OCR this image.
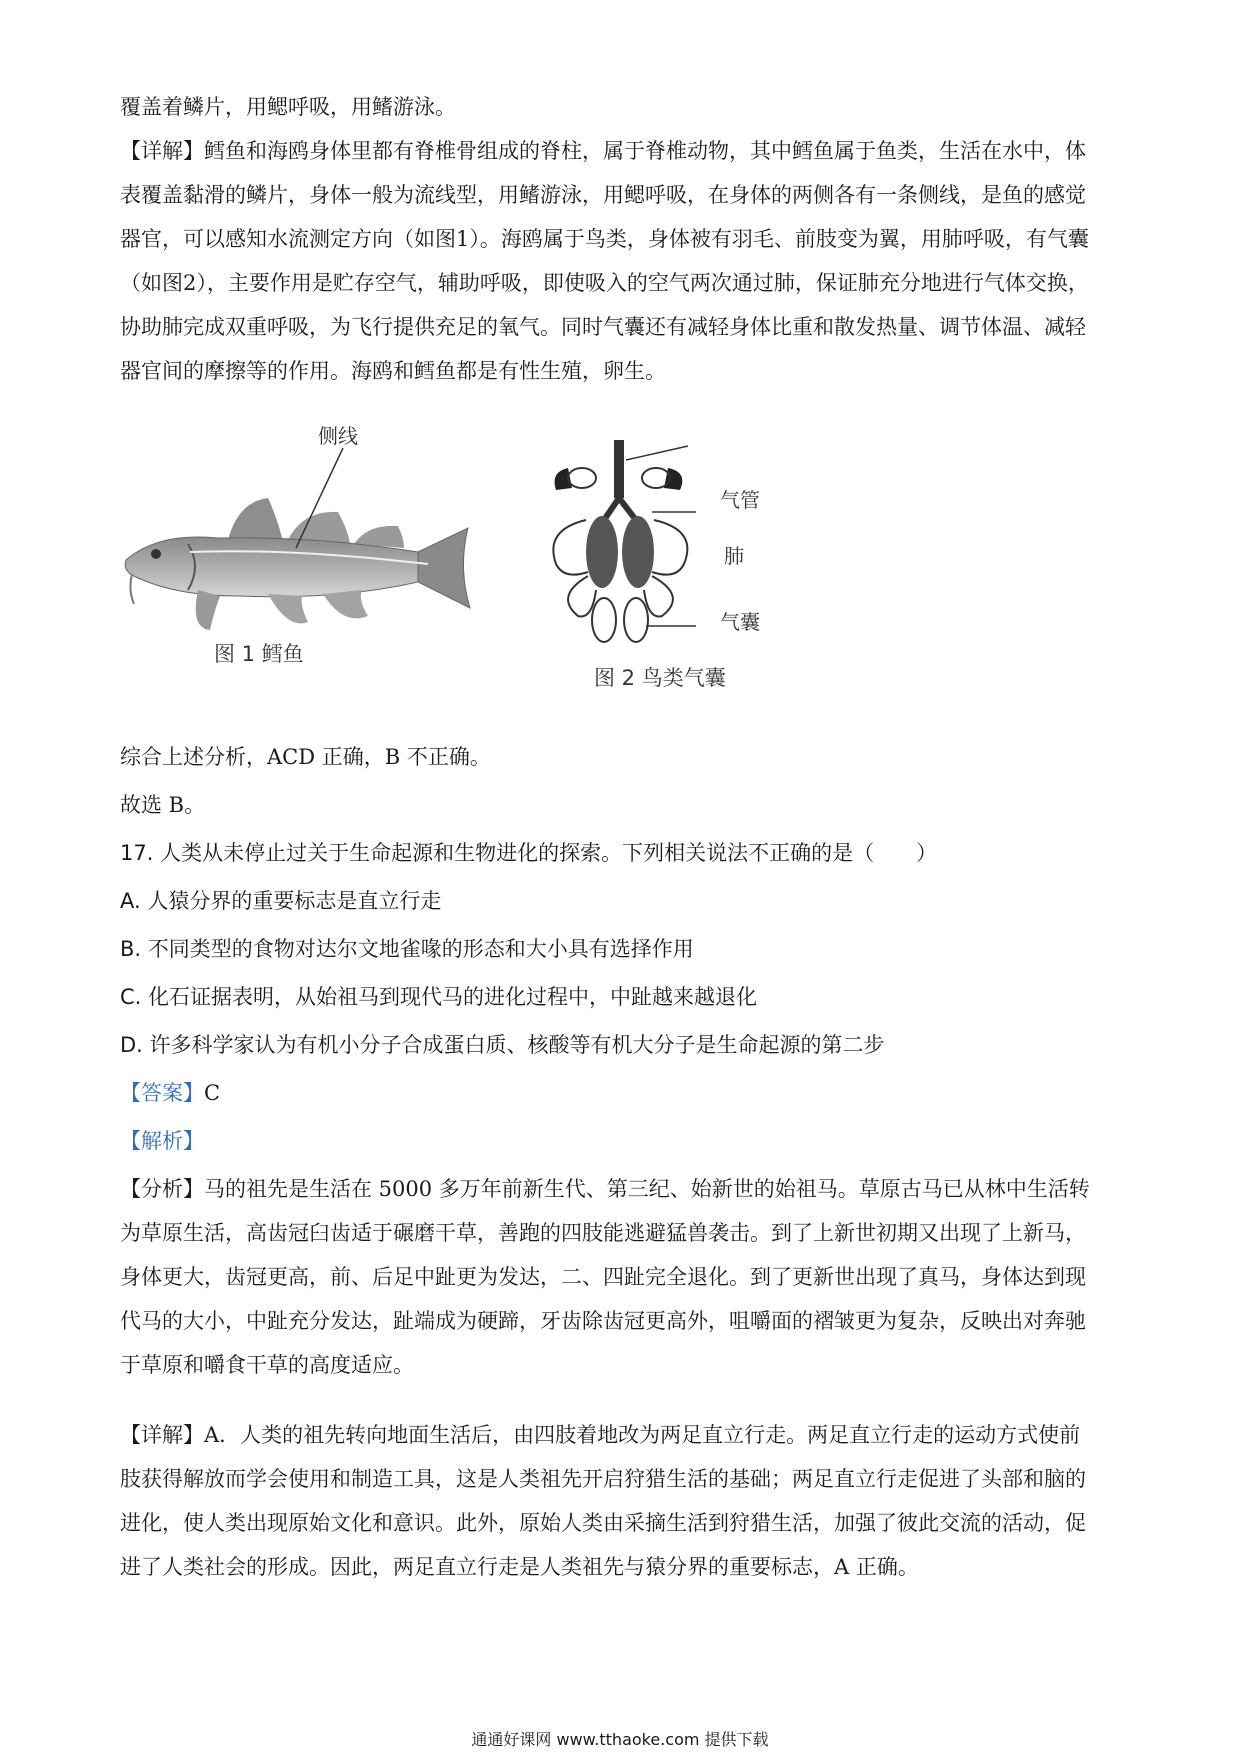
覆盖着鳞片，用鳃呼吸，用鳍游泳。
【详解】鳕鱼和海鸥身体里都有脊椎骨组成的脊柱，属于脊椎动物，其中鳕鱼属于鱼类，生活在水中，体
表覆盖黏滑的鳞片，身体一般为流线型，用鳍游泳，用鳃呼吸，在身体的两侧各有一条侧线，是鱼的感觉
器官，可以感知水流测定方向（如图1）。海鸥属于鸟类，身体被有羽毛、前肢变为翼，用肺呼吸，有气囊
（如图2），主要作用是贮存空气，辅助呼吸，即使吸入的空气两次通过肺，保证肺充分地进行气体交换，
协助肺完成双重呼吸，为飞行提供充足的氧气。同时气囊还有减轻身体比重和散发热量、调节体温、减轻
器官间的摩擦等的作用。海鸥和鳕鱼都是有性生殖，卵生。
侧线
图 1 鳕鱼
气管
肺
气囊
图 2 鸟类气囊
综合上述分析，ACD 正确，B 不正确。
故选 B。
17. 人类从未停止过关于生命起源和生物进化的探索。下列相关说法不正确的是（　　）
A. 人猿分界的重要标志是直立行走
B. 不同类型的食物对达尔文地雀喙的形态和大小具有选择作用
C. 化石证据表明，从始祖马到现代马的进化过程中，中趾越来越退化
D. 许多科学家认为有机小分子合成蛋白质、核酸等有机大分子是生命起源的第二步
【答案】C
【解析】
【分析】马的祖先是生活在 5000 多万年前新生代、第三纪、始新世的始祖马。草原古马已从林中生活转
为草原生活，高齿冠臼齿适于碾磨干草，善跑的四肢能逃避猛兽袭击。到了上新世初期又出现了上新马，
身体更大，齿冠更高，前、后足中趾更为发达，二、四趾完全退化。到了更新世出现了真马，身体达到现
代马的大小，中趾充分发达，趾端成为硬蹄，牙齿除齿冠更高外，咀嚼面的褶皱更为复杂，反映出对奔驰
于草原和嚼食干草的高度适应。
【详解】A．人类的祖先转向地面生活后，由四肢着地改为两足直立行走。两足直立行走的运动方式使前
肢获得解放而学会使用和制造工具，这是人类祖先开启狩猎生活的基础；两足直立行走促进了头部和脑的
进化，使人类出现原始文化和意识。此外，原始人类由采摘生活到狩猎生活，加强了彼此交流的活动，促
进了人类社会的形成。因此，两足直立行走是人类祖先与猿分界的重要标志，A 正确。
通通好课网 www.tthaoke.com 提供下载
